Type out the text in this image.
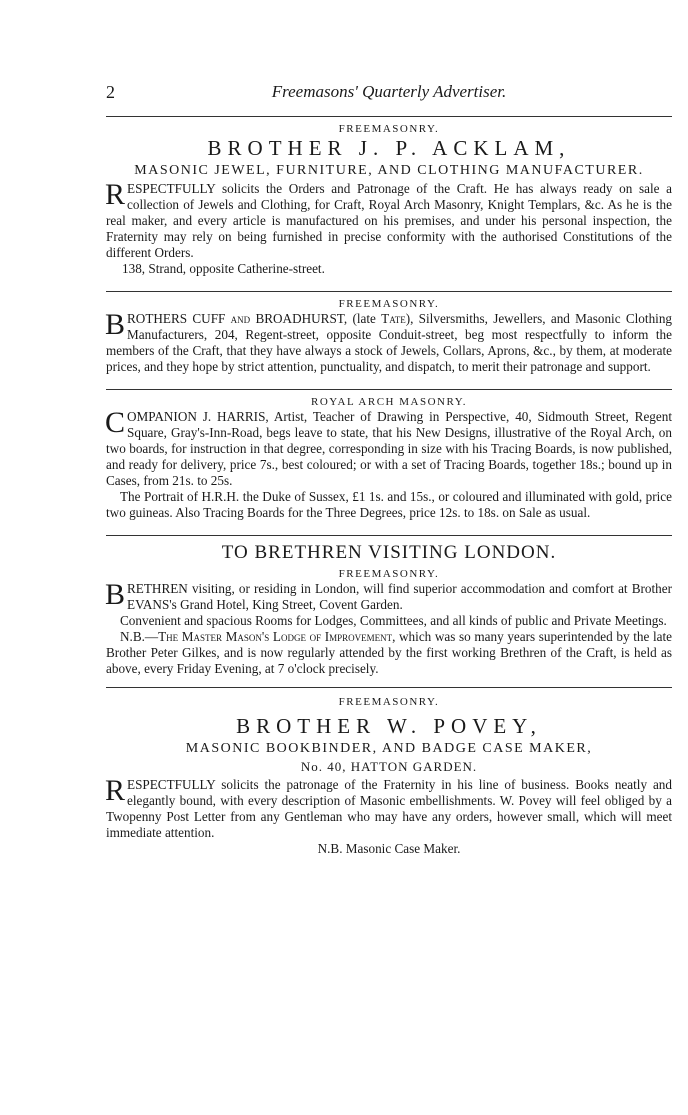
2	Freemasons' Quarterly Advertiser.
FREEMASONRY.
BROTHER J. P. ACKLAM,
MASONIC JEWEL, FURNITURE, AND CLOTHING MANUFACTURER.

RESPECTFULLY solicits the Orders and Patronage of the Craft. He has always ready on sale a collection of Jewels and Clothing, for Craft, Royal Arch Masonry, Knight Templars, &c. As he is the real maker, and every article is manufactured on his premises, and under his personal inspection, the Fraternity may rely on being furnished in precise conformity with the authorised Constitutions of the different Orders.

138, Strand, opposite Catherine-street.

FREEMASONRY.

BROTHERS CUFF and BROADHURST, (late Tate), Silversmiths, Jewellers, and Masonic Clothing Manufacturers, 204, Regent-street, opposite Conduit-street, beg most respectfully to inform the members of the Craft, that they have always a stock of Jewels, Collars, Aprons, &c., by them, at moderate prices, and they hope by strict attention, punctuality, and dispatch, to merit their patronage and support.

ROYAL ARCH MASONRY.

COMPANION J. HARRIS, Artist, Teacher of Drawing in Perspective, 40, Sidmouth Street, Regent Square, Gray's-Inn-Road, begs leave to state, that his New Designs, illustrative of the Royal Arch, on two boards, for instruction in that degree, corresponding in size with his Tracing Boards, is now published, and ready for delivery, price 7s., best coloured; or with a set of Tracing Boards, together 18s.; bound up in Cases, from 21s. to 25s.

The Portrait of H.R.H. the Duke of Sussex, £1 1s. and 15s., or coloured and illuminated with gold, price two guineas. Also Tracing Boards for the Three Degrees, price 12s. to 18s. on Sale as usual.

TO BRETHREN VISITING LONDON.
FREEMASONRY.

BRETHREN visiting, or residing in London, will find superior accommodation and comfort at Brother EVANS's Grand Hotel, King Street, Covent Garden.

Convenient and spacious Rooms for Lodges, Committees, and all kinds of public and Private Meetings.

N.B.—The Master Mason's Lodge of Improvement, which was so many years superintended by the late Brother Peter Gilkes, and is now regularly attended by the first working Brethren of the Craft, is held as above, every Friday Evening, at 7 o'clock precisely.

FREEMASONRY.
BROTHER W. POVEY,
MASONIC BOOKBINDER, AND BADGE CASE MAKER,
No. 40, HATTON GARDEN.

RESPECTFULLY solicits the patronage of the Fraternity in his line of business. Books neatly and elegantly bound, with every description of Masonic embellishments. W. Povey will feel obliged by a Twopenny Post Letter from any Gentleman who may have any orders, however small, which will meet immediate attention.

N.B. Masonic Case Maker.
